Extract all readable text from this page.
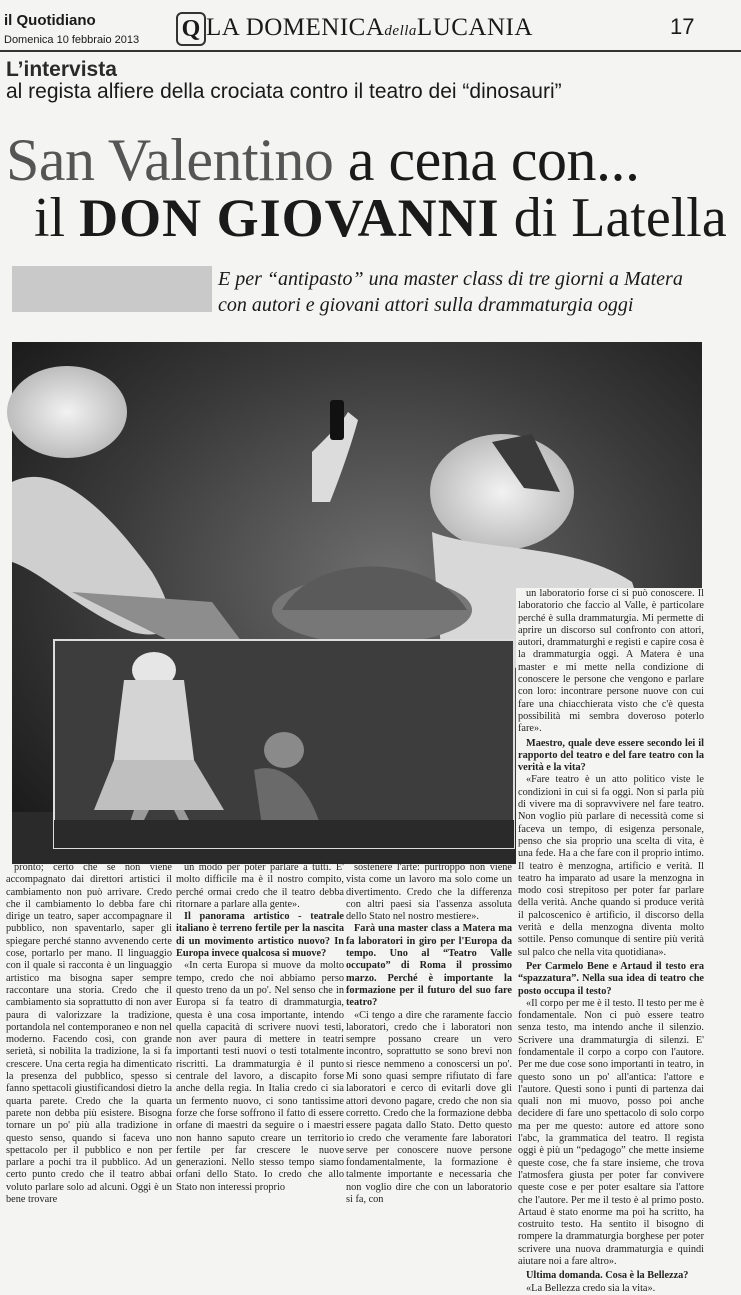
il Quotidiano
Domenica 10 febbraio 2013 Q LA DOMENICAdellaLUCANIA	17
L’intervista
al regista alfiere della crociata contro il teatro dei “dinosauri”
San Valentino a cena con...
il DON GIOVANNI di Latella
E per “antipasto” una master class di tre giorni a Matera
con autori e giovani attori sulla drammaturgia oggi

pronto; certo che se non viene accompagnato dai direttori artistici il cambiamento non può arrivare. Credo che il cambiamento lo debba fare chi dirige un teatro, saper accompagnare il pubblico, non spaventarlo, saper gli spiegare perché stanno avvenendo certe cose, portarlo per mano. Il linguaggio con il quale si racconta è un linguaggio artistico ma bisogna saper sempre raccontare una storia. Credo che il cambiamento sia soprattutto di non aver paura di valorizzare la tradizione, portandola nel contemporaneo e non nel moderno. Facendo così, con grande serietà, si nobilita la tradizione, la si fa crescere. Una certa regia ha dimenticato la presenza del pubblico, spesso si fanno spettacoli giustificandosi dietro la quarta parete. Credo che la quarta parete non debba più esistere. Bisogna tornare un po' più alla tradizione in questo senso, quando si faceva uno spettacolo per il pubblico e non per parlare a pochi tra il pubblico. Ad un certo punto credo che il teatro abbai voluto parlare solo ad alcuni. Oggi è un bene trovare

un modo per poter parlare a tutti. E' molto difficile ma è il nostro compito, perché ormai credo che il teatro debba ritornare a parlare alla gente».

Il panorama artistico - teatrale italiano è terreno fertile per la nascita di un movimento artistico nuovo? In Europa invece qualcosa si muove?

«In certa Europa si muove da molto tempo, credo che noi abbiamo perso questo treno da un po'. Nel senso che in Europa si fa teatro di drammaturgia, questa è una cosa importante, intendo quella capacità di scrivere nuovi testi, non aver paura di mettere in teatri importanti testi nuovi o testi totalmente riscritti. La drammaturgia è il punto centrale del lavoro, a discapito forse anche della regia. In Italia credo ci sia un fermento nuovo, ci sono tantissime forze che forse soffrono il fatto di essere orfane di maestri da seguire o i maestri non hanno saputo creare un territorio fertile per far crescere le nuove generazioni. Nello stesso tempo siamo orfani dello Stato. Io credo che allo Stato non interessi proprio

sostenere l'arte: purtroppo non viene vista come un lavoro ma solo come un divertimento. Credo che la differenza con altri paesi sia l'assenza assoluta dello Stato nel nostro mestiere».

Farà una master class a Matera ma fa laboratori in giro per l'Europa da tempo. Uno al “Teatro Valle occupato” di Roma il prossimo marzo. Perché è importante la formazione per il futuro del suo fare teatro?

«Ci tengo a dire che raramente faccio laboratori, credo che i laboratori non sempre possano creare un vero incontro, soprattutto se sono brevi non si riesce nemmeno a conoscersi un po'. Mi sono quasi sempre rifiutato di fare laboratori e cerco di evitarli dove gli attori devono pagare, credo che non sia corretto. Credo che la formazione debba essere pagata dallo Stato. Detto questo io credo che veramente fare laboratori serve per conoscere nuove persone fondamentalmente, la formazione è talmente importante e necessaria che non voglio dire che con un laboratorio si fa, con

un laboratorio forse ci si può conoscere. Il laboratorio che faccio al Valle, è particolare perché è sulla drammaturgia. Mi permette di aprire un discorso sul confronto con attori, autori, drammaturghi e registi e capire cosa è la drammaturgia oggi. A Matera è una master e mi mette nella condizione di conoscere le persone che vengono e parlare con loro: incontrare persone nuove con cui fare una chiacchierata visto che c'è questa possibilità mi sembra doveroso poterlo fare».

Maestro, quale deve essere secondo lei il rapporto del teatro e del fare teatro con la verità e la vita?

«Fare teatro è un atto politico viste le condizioni in cui si fa oggi. Non si parla più di vivere ma di sopravvivere nel fare teatro. Non voglio più parlare di necessità come si faceva un tempo, di esigenza personale, penso che sia proprio una scelta di vita, è una fede. Ha a che fare con il proprio intimo. Il teatro è menzogna, artificio e verità. Il teatro ha imparato ad usare la menzogna in modo così strepitoso per poter far parlare della verità. Anche quando si produce verità il palcoscenico è artificio, il discorso della verità e della menzogna diventa molto sottile. Penso comunque di sentire più verità sul palco che nella vita quotidiana».

Per Carmelo Bene e Artaud il testo era “spazzatura”. Nella sua idea di teatro che posto occupa il testo?

«Il corpo per me è il testo. Il testo per me è fondamentale. Non ci può essere teatro senza testo, ma intendo anche il silenzio. Scrivere una drammaturgia di silenzi. E' fondamentale il corpo a corpo con l'autore. Per me due cose sono importanti in teatro, in questo sono un po' all'antica: l'attore e l'autore. Questi sono i punti di partenza dai quali non mi muovo, posso poi anche decidere di fare uno spettacolo di solo corpo ma per me questo: autore ed attore sono l'abc, la grammatica del teatro. Il regista oggi è più un “pedagogo” che mette insieme queste cose, che fa stare insieme, che trova l'atmosfera giusta per poter far convivere queste cose e per poter esaltare sia l'attore che l'autore. Per me il testo è al primo posto. Artaud è stato enorme ma poi ha scritto, ha costruito testo. Ha sentito il bisogno di rompere la drammaturgia borghese per poter scrivere una nuova drammaturgia e quindi aiutare noi a fare altro».

Ultima domanda. Cosa è la Bellezza?

«La Bellezza credo sia la vita».
